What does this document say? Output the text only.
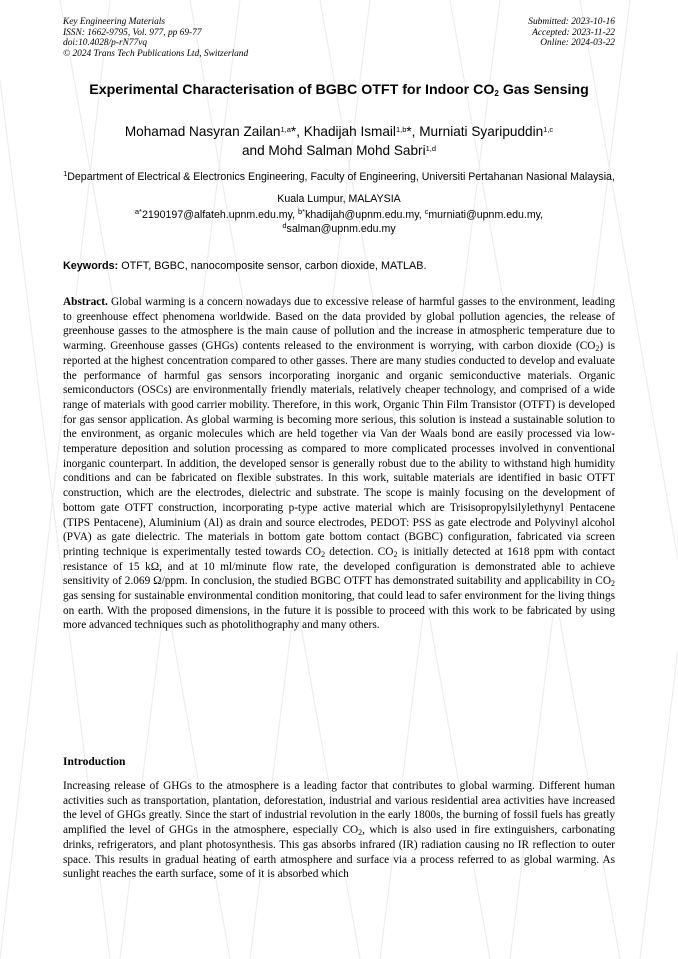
Key Engineering Materials
ISSN: 1662-9795, Vol. 977, pp 69-77
doi:10.4028/p-rN77vq
© 2024 Trans Tech Publications Ltd, Switzerland
Submitted: 2023-10-16
Accepted: 2023-11-22
Online: 2024-03-22
Experimental Characterisation of BGBC OTFT for Indoor $CO_2$ Gas Sensing
Mohamad Nasyran Zailan$^{1,a}$*, Khadijah Ismail$^{1,b}$*, Murniati Syaripuddin$^{1,c}$
and Mohd Salman Mohd Sabri$^{1,d}$
$^1$Department of Electrical & Electronics Engineering, Faculty of Engineering, Universiti Pertahanan Nasional Malaysia, Kuala Lumpur, MALAYSIA
$^{a*}$2190197@alfateh.upnm.edu.my, $^{b*}$khadijah@upnm.edu.my, $^c$murniati@upnm.edu.my,
$^d$salman@upnm.edu.my
Keywords: OTFT, BGBC, nanocomposite sensor, carbon dioxide, MATLAB.

Abstract. Global warming is a concern nowadays due to excessive release of harmful gasses to the environment, leading to greenhouse effect phenomena worldwide. Based on the data provided by global pollution agencies, the release of greenhouse gasses to the atmosphere is the main cause of pollution and the increase in atmospheric temperature due to warming. Greenhouse gasses (GHGs) contents released to the environment is worrying, with carbon dioxide $(CO_2)$ is reported at the highest concentration compared to other gasses. There are many studies conducted to develop and evaluate the performance of harmful gas sensors incorporating inorganic and organic semiconductive materials. Organic semiconductors (OSCs) are environmentally friendly materials, relatively cheaper technology, and comprised of a wide range of materials with good carrier mobility. Therefore, in this work, Organic Thin Film Transistor (OTFT) is developed for gas sensor application. As global warming is becoming more serious, this solution is instead a sustainable solution to the environment, as organic molecules which are held together via Van der Waals bond are easily processed via low-temperature deposition and solution processing as compared to more complicated processes involved in conventional inorganic counterpart. In addition, the developed sensor is generally robust due to the ability to withstand high humidity conditions and can be fabricated on flexible substrates. In this work, suitable materials are identified in basic OTFT construction, which are the electrodes, dielectric and substrate. The scope is mainly focusing on the development of bottom gate OTFT construction, incorporating p-type active material which are Trisisopropylsilylethynyl Pentacene (TIPS Pentacene), Aluminium (Al) as drain and source electrodes, PEDOT: PSS as gate electrode and Polyvinyl alcohol (PVA) as gate dielectric. The materials in bottom gate bottom contact (BGBC) configuration, fabricated via screen printing technique is experimentally tested towards $CO_2$ detection. $CO_2$ is initially detected at 1618 ppm with contact resistance of 15 kΩ, and at 10 ml/minute flow rate, the developed configuration is demonstrated able to achieve sensitivity of 2.069 Ω/ppm. In conclusion, the studied BGBC OTFT has demonstrated suitability and applicability in $CO_2$ gas sensing for sustainable environmental condition monitoring, that could lead to safer environment for the living things on earth. With the proposed dimensions, in the future it is possible to proceed with this work to be fabricated by using more advanced techniques such as photolithography and many others.

Introduction

Increasing release of GHGs to the atmosphere is a leading factor that contributes to global warming. Different human activities such as transportation, plantation, deforestation, industrial and various residential area activities have increased the level of GHGs greatly. Since the start of industrial revolution in the early 1800s, the burning of fossil fuels has greatly amplified the level of GHGs in the atmosphere, especially $CO_2$, which is also used in fire extinguishers, carbonating drinks, refrigerators, and plant photosynthesis. This gas absorbs infrared (IR) radiation causing no IR reflection to outer space. This results in gradual heating of earth atmosphere and surface via a process referred to as global warming. As sunlight reaches the earth surface, some of it is absorbed which
